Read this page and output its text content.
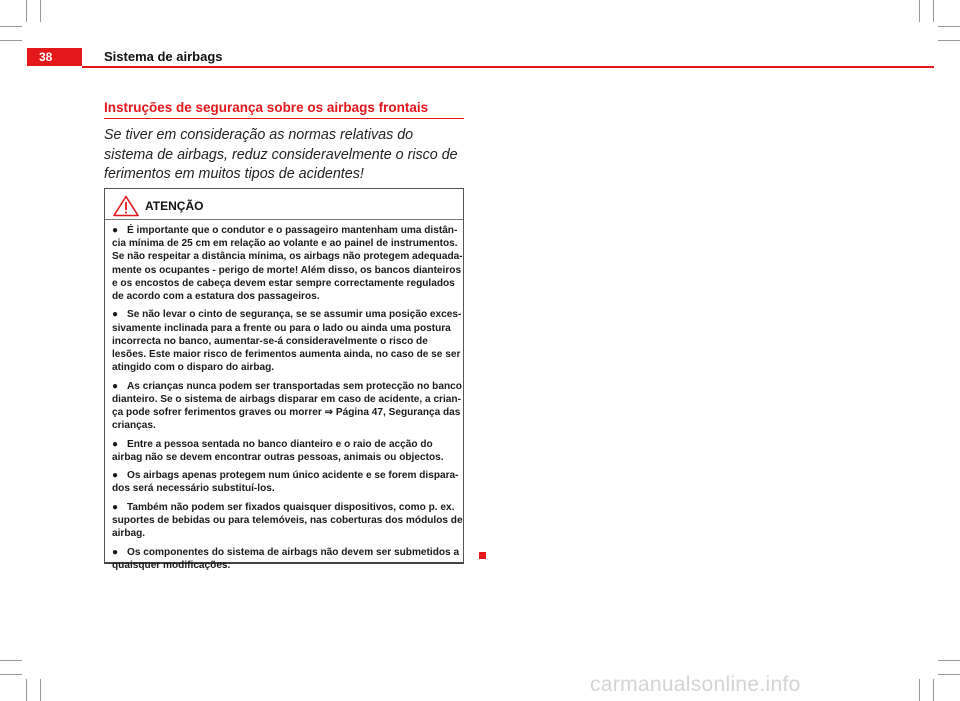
38	Sistema de airbags
Instruções de segurança sobre os airbags frontais
Se tiver em consideração as normas relativas do sistema de airbags, reduz consideravelmente o risco de ferimentos em muitos tipos de acidentes!
ATENÇÃO
● É importante que o condutor e o passageiro mantenham uma distân-cia mínima de 25 cm em relação ao volante e ao painel de instrumentos. Se não respeitar a distância mínima, os airbags não protegem adequada-mente os ocupantes - perigo de morte! Além disso, os bancos dianteiros e os encostos de cabeça devem estar sempre correctamente regulados de acordo com a estatura dos passageiros.
● Se não levar o cinto de segurança, se se assumir uma posição exces-sivamente inclinada para a frente ou para o lado ou ainda uma postura incorrecta no banco, aumentar-se-á consideravelmente o risco de lesões. Este maior risco de ferimentos aumenta ainda, no caso de se ser atingido com o disparo do airbag.
● As crianças nunca podem ser transportadas sem protecção no banco dianteiro. Se o sistema de airbags disparar em caso de acidente, a crian-ça pode sofrer ferimentos graves ou morrer ⇒ Página 47, Segurança das crianças.
● Entre a pessoa sentada no banco dianteiro e o raio de acção do airbag não se devem encontrar outras pessoas, animais ou objectos.
● Os airbags apenas protegem num único acidente e se forem dispara-dos será necessário substituí-los.
● Também não podem ser fixados quaisquer dispositivos, como p. ex. suportes de bebidas ou para telemóveis, nas coberturas dos módulos de airbag.
● Os componentes do sistema de airbags não devem ser submetidos a quaisquer modificações.
carmanualsonline.info
